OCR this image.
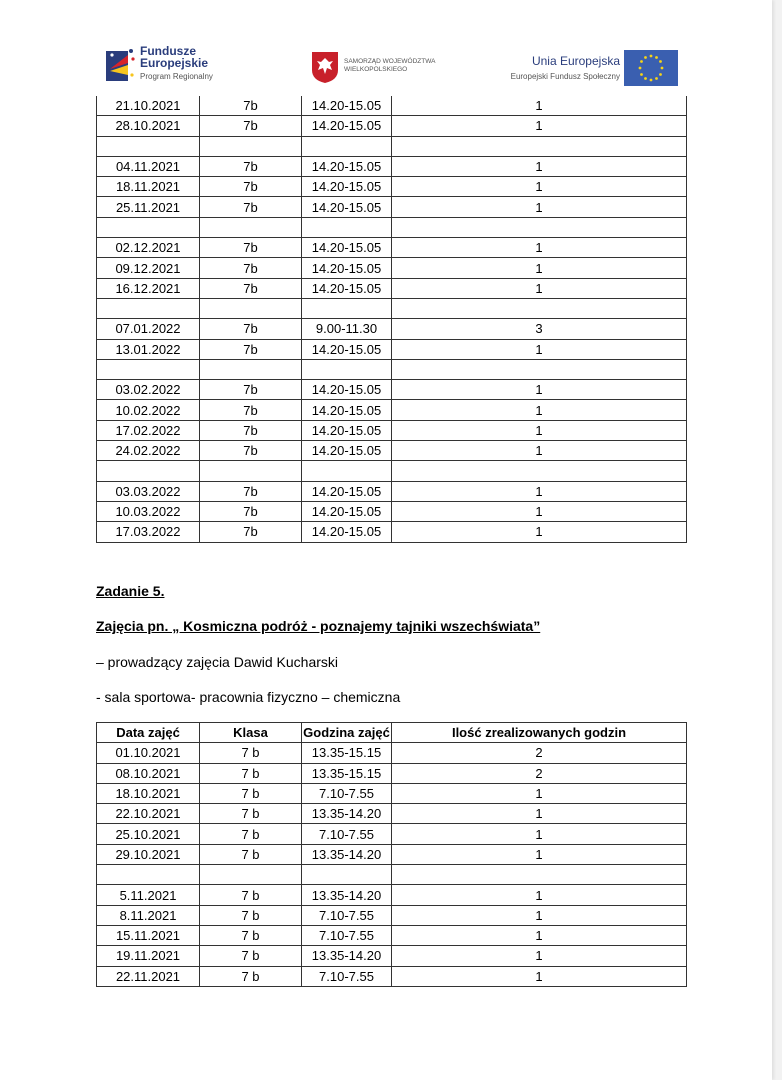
Fundusze
Europejskie
Program Regionalny
SAMORZĄD WOJEWÓDZTWA
WIELKOPOLSKIEGO
Unia Europejska
Europejski Fundusz Społeczny
21.10.2021	7b	14.20-15.05	1
28.10.2021	7b	14.20-15.05	1

04.11.2021	7b	14.20-15.05	1
18.11.2021	7b	14.20-15.05	1
25.11.2021	7b	14.20-15.05	1

02.12.2021	7b	14.20-15.05	1
09.12.2021	7b	14.20-15.05	1
16.12.2021	7b	14.20-15.05	1

07.01.2022	7b	9.00-11.30	3
13.01.2022	7b	14.20-15.05	1

03.02.2022	7b	14.20-15.05	1
10.02.2022	7b	14.20-15.05	1
17.02.2022	7b	14.20-15.05	1
24.02.2022	7b	14.20-15.05	1

03.03.2022	7b	14.20-15.05	1
10.03.2022	7b	14.20-15.05	1
17.03.2022	7b	14.20-15.05	1
Zadanie 5.
Zajęcia pn. „ Kosmiczna podróż - poznajemy tajniki wszechświata”
– prowadzący zajęcia Dawid Kucharski
- sala sportowa- pracownia fizyczno – chemiczna
Data zajęć	Klasa	Godzina zajęć	Ilość zrealizowanych godzin
01.10.2021	7 b	13.35-15.15	2
08.10.2021	7 b	13.35-15.15	2
18.10.2021	7 b	7.10-7.55	1
22.10.2021	7 b	13.35-14.20	1
25.10.2021	7 b	7.10-7.55	1
29.10.2021	7 b	13.35-14.20	1

5.11.2021	7 b	13.35-14.20	1
8.11.2021	7 b	7.10-7.55	1
15.11.2021	7 b	7.10-7.55	1
19.11.2021	7 b	13.35-14.20	1
22.11.2021	7 b	7.10-7.55	1
